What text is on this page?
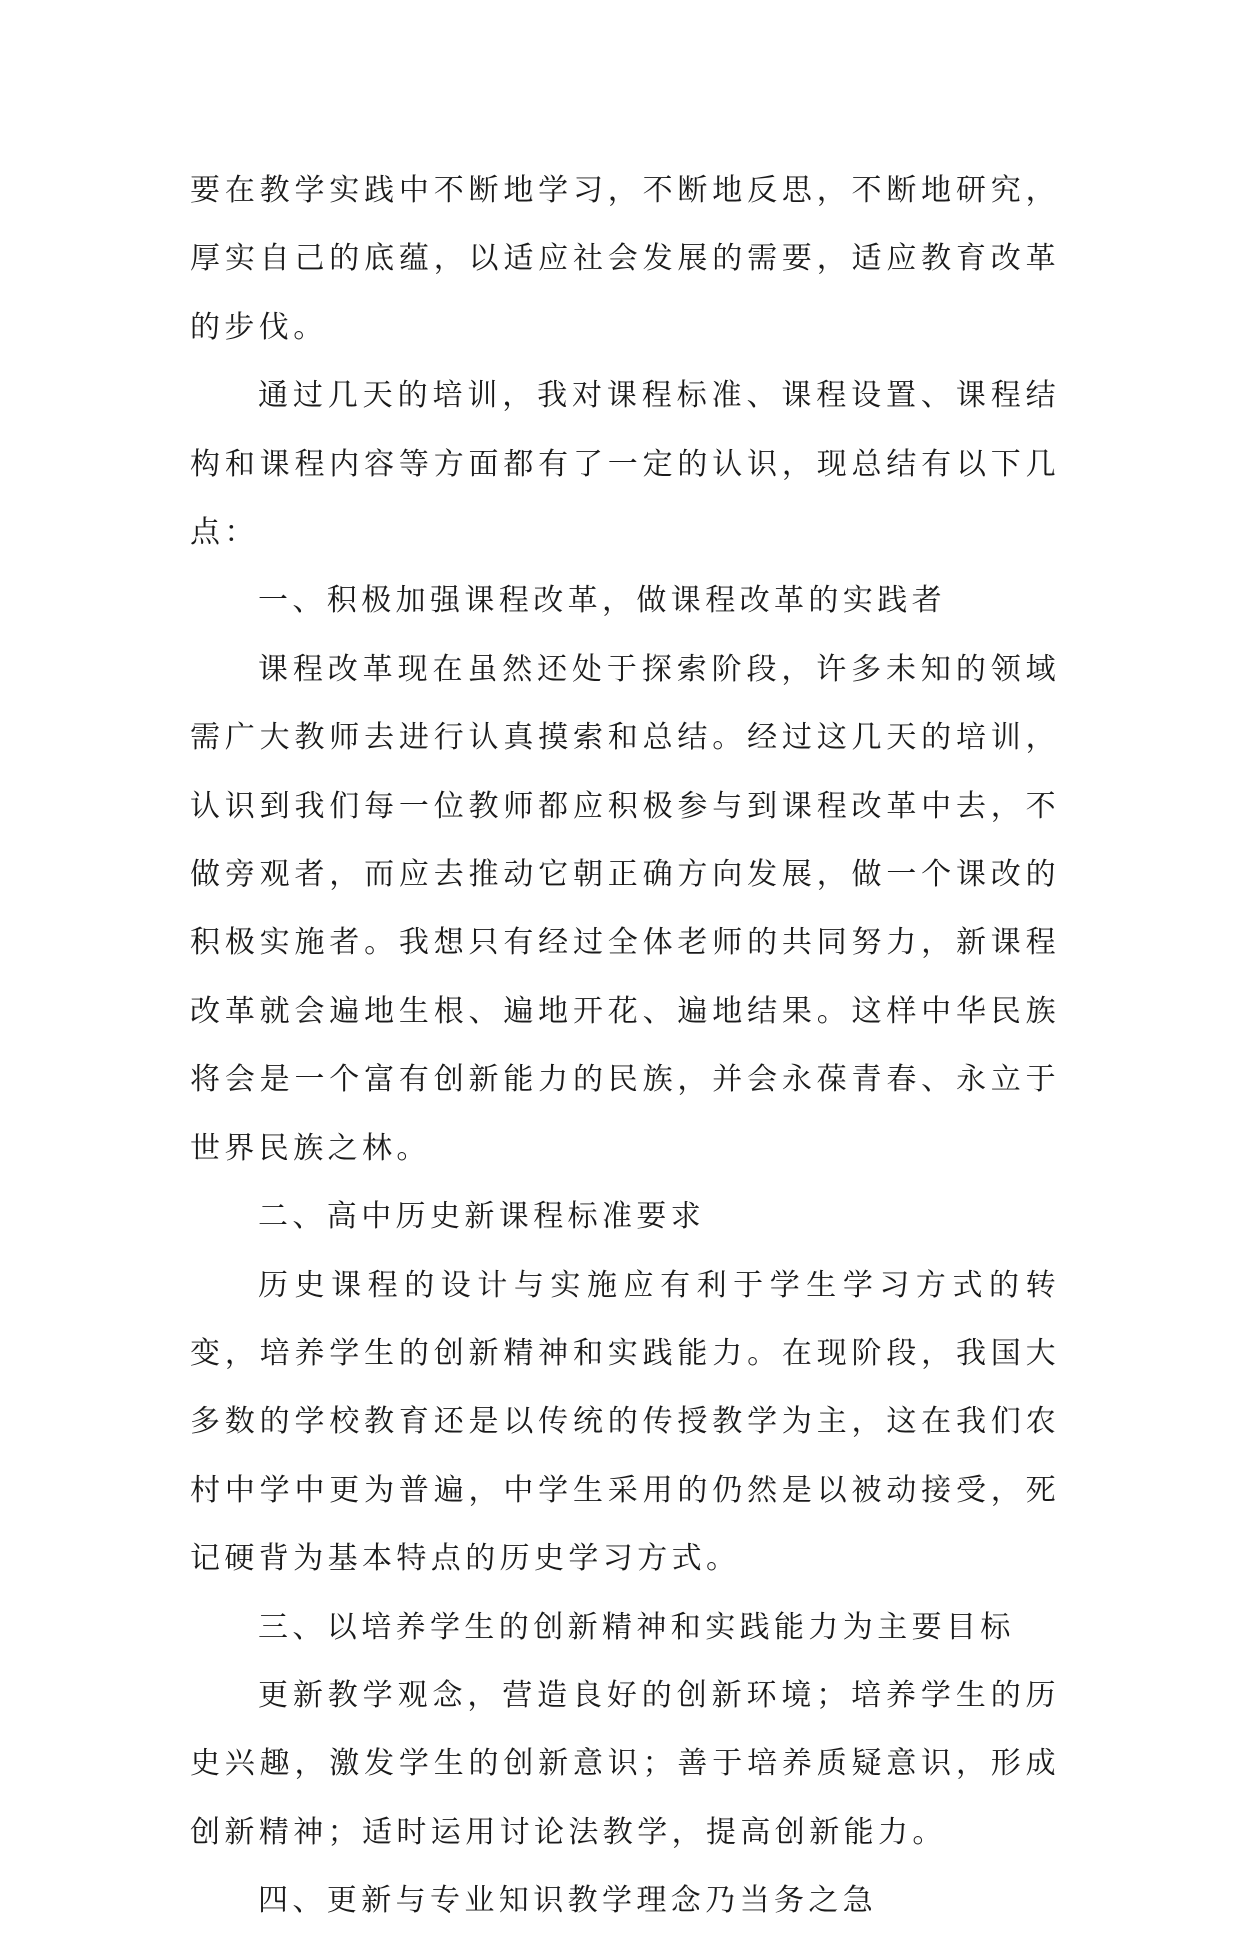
要在教学实践中不断地学习，不断地反思，不断地研究，厚实自己的底蕴，以适应社会发展的需要，适应教育改革的步伐。

通过几天的培训，我对课程标准、课程设置、课程结构和课程内容等方面都有了一定的认识，现总结有以下几点：

一、积极加强课程改革，做课程改革的实践者

课程改革现在虽然还处于探索阶段，许多未知的领域需广大教师去进行认真摸索和总结。经过这几天的培训，认识到我们每一位教师都应积极参与到课程改革中去，不做旁观者，而应去推动它朝正确方向发展，做一个课改的积极实施者。我想只有经过全体老师的共同努力，新课程改革就会遍地生根、遍地开花、遍地结果。这样中华民族将会是一个富有创新能力的民族，并会永葆青春、永立于世界民族之林。

二、高中历史新课程标准要求

历史课程的设计与实施应有利于学生学习方式的转变，培养学生的创新精神和实践能力。在现阶段，我国大多数的学校教育还是以传统的传授教学为主，这在我们农村中学中更为普遍，中学生采用的仍然是以被动接受，死记硬背为基本特点的历史学习方式。

三、以培养学生的创新精神和实践能力为主要目标

更新教学观念，营造良好的创新环境；培养学生的历史兴趣，激发学生的创新意识；善于培养质疑意识，形成创新精神；适时运用讨论法教学，提高创新能力。

四、更新与专业知识教学理念乃当务之急
